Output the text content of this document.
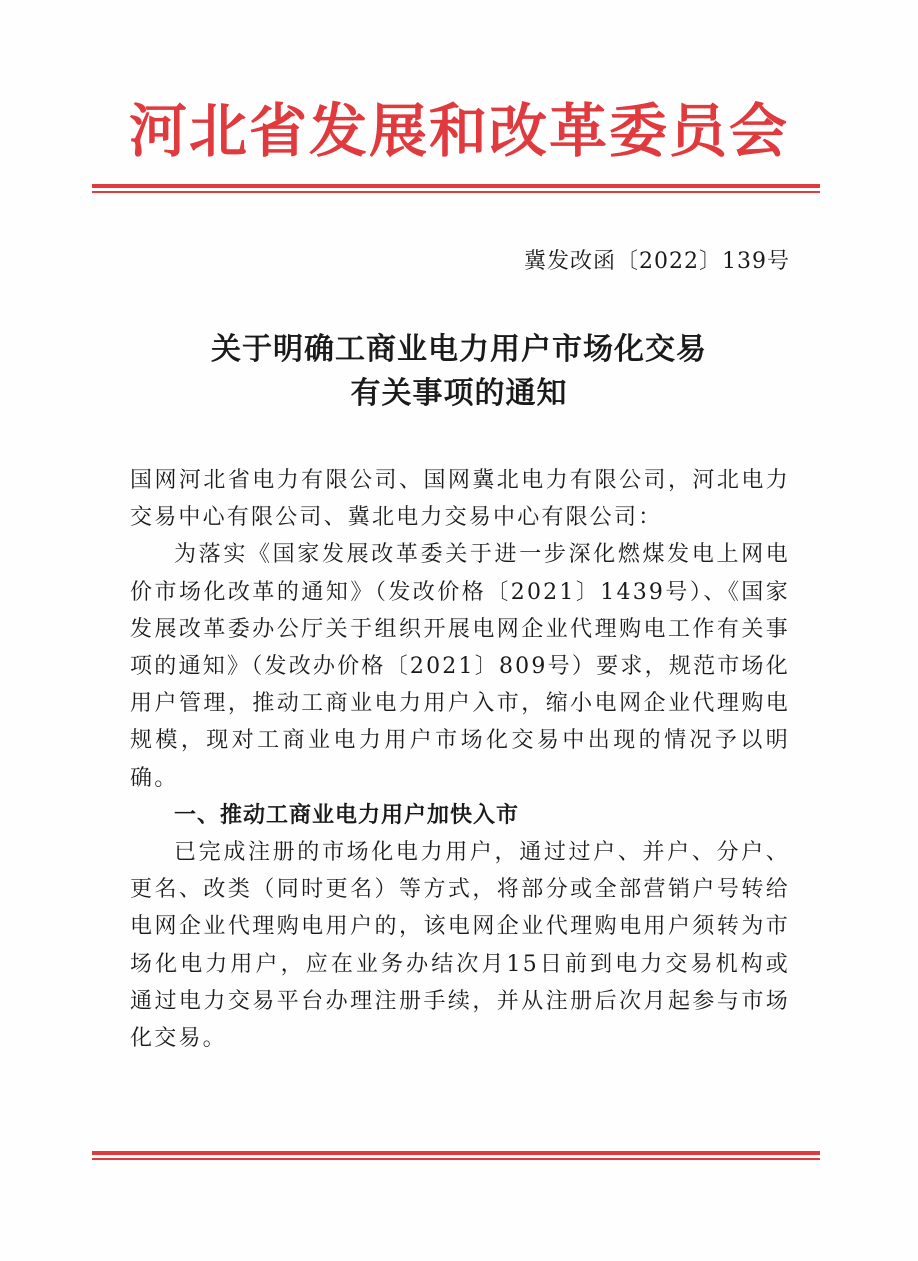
河北省发展和改革委员会
冀发改函〔2022〕139号
关于明确工商业电力用户市场化交易
有关事项的通知

国网河北省电力有限公司、国网冀北电力有限公司，河北电力交易中心有限公司、冀北电力交易中心有限公司：

为落实《国家发展改革委关于进一步深化燃煤发电上网电价市场化改革的通知》（发改价格〔2021〕1439号）、《国家发展改革委办公厅关于组织开展电网企业代理购电工作有关事项的通知》（发改办价格〔2021〕809号）要求，规范市场化用户管理，推动工商业电力用户入市，缩小电网企业代理购电规模，现对工商业电力用户市场化交易中出现的情况予以明确。

一、推动工商业电力用户加快入市

已完成注册的市场化电力用户，通过过户、并户、分户、更名、改类（同时更名）等方式，将部分或全部营销户号转给电网企业代理购电用户的，该电网企业代理购电用户须转为市场化电力用户，应在业务办结次月15日前到电力交易机构或通过电力交易平台办理注册手续，并从注册后次月起参与市场化交易。
